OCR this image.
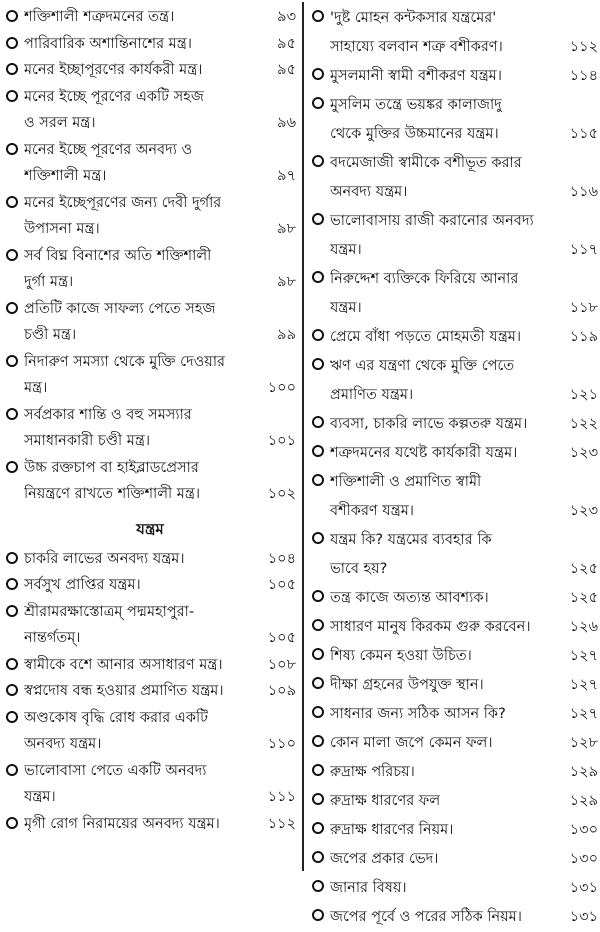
শক্তিশালী শত্রুদমনের তন্ত্র।	৯৩
পারিবারিক অশান্তিনাশের মন্ত্র।	৯৫
মনের ইচ্ছাপূরণের কার্যকরী মন্ত্র।	৯৫
মনের ইচ্ছে পূরণের একটি সহজ
ও সরল মন্ত্র।	৯৬
মনের ইচ্ছে পূরণের অনবদ্য ও
শক্তিশালী মন্ত্র।	৯৭
মনের ইচ্ছেপূরণের জন্য দেবী দুর্গার
উপাসনা মন্ত্র।	৯৮
সর্ব বিঘ্ন বিনাশের অতি শক্তিশালী
দুর্গা মন্ত্র।	৯৮
প্রতিটি কাজে সাফল্য পেতে সহজ
চণ্ডী মন্ত্র।	৯৯
নিদারুণ সমস্যা থেকে মুক্তি দেওয়ার
মন্ত্র।	১০০
সর্বপ্রকার শান্তি ও বহু সমস্যার
সমাধানকারী চণ্ডী মন্ত্র।	১০১
উচ্চ রক্তচাপ বা হাইব্লাডপ্রেসার
নিয়ন্ত্রণে রাখতে শক্তিশালী মন্ত্র।	১০২
যন্ত্রম
চাকরি লাভের অনবদ্য যন্ত্রম।	১০৪
সর্বসুখ প্রাপ্তির যন্ত্রম।	১০৫
শ্রীরামরক্ষাস্তোত্রম্ পদ্মমহাপুরা-
নান্তর্গতম্।	১০৫
স্বামীকে বশে আনার অসাধারণ মন্ত্র।	১০৮
স্বপ্নদোষ বন্ধ হওয়ার প্রমাণিত যন্ত্রম।	১০৯
অণ্ডকোষ বৃদ্ধি রোধ করার একটি
অনবদ্য যন্ত্রম।	১১০
ভালোবাসা পেতে একটি অনবদ্য
যন্ত্রম।	১১১
মৃগী রোগ নিরাময়ের অনবদ্য যন্ত্রম।	১১২
'দুষ্ট মোহন কন্টকসার যন্ত্রমের'
সাহায্যে বলবান শত্রু বশীকরণ।	১১২
মুসলমানী স্বামী বশীকরণ যন্ত্রম।	১১৪
মুসলিম তন্ত্রে ভয়ঙ্কর কালাজাদু
থেকে মুক্তির উচ্চমানের যন্ত্রম।	১১৫
বদমেজাজী স্বামীকে বশীভূত করার
অনবদ্য যন্ত্রম।	১১৬
ভালোবাসায় রাজী করানোর অনবদ্য
যন্ত্রম।	১১৭
নিরুদ্দেশ ব্যক্তিকে ফিরিয়ে আনার
যন্ত্রম।	১১৮
প্রেমে বাঁধা পড়তে মোহমতী যন্ত্রম।	১১৯
ঋণ এর যন্ত্রণা থেকে মুক্তি পেতে
প্রমাণিত যন্ত্রম।	১২১
ব্যবসা, চাকরি লাভে কল্পতরু যন্ত্রম।	১২২
শত্রুদমনের যথেষ্ট কার্যকারী যন্ত্রম।	১২৩
শক্তিশালী ও প্রমাণিত স্বামী
বশীকরণ যন্ত্রম।	১২৩
যন্ত্রম কি? যন্ত্রমের ব্যবহার কি
ভাবে হয়?	১২৫
তন্ত্র কাজে অত্যন্ত আবশ্যক।	১২৫
সাধারণ মানুষ কিরকম গুরু করবেন।	১২৬
শিষ্য কেমন হওয়া উচিত।	১২৭
দীক্ষা গ্রহনের উপযুক্ত স্থান।	১২৭
সাধনার জন্য সঠিক আসন কি?	১২৭
কোন মালা জপে কেমন ফল।	১২৮
রুদ্রাক্ষ পরিচয়।	১২৯
রুদ্রাক্ষ ধারণের ফল	১২৯
রুদ্রাক্ষ ধারণের নিয়ম।	১৩০
জপের প্রকার ভেদ।	১৩০
জানার বিষয়।	১৩১
জপের পূর্বে ও পরের সঠিক নিয়ম।	১৩১
